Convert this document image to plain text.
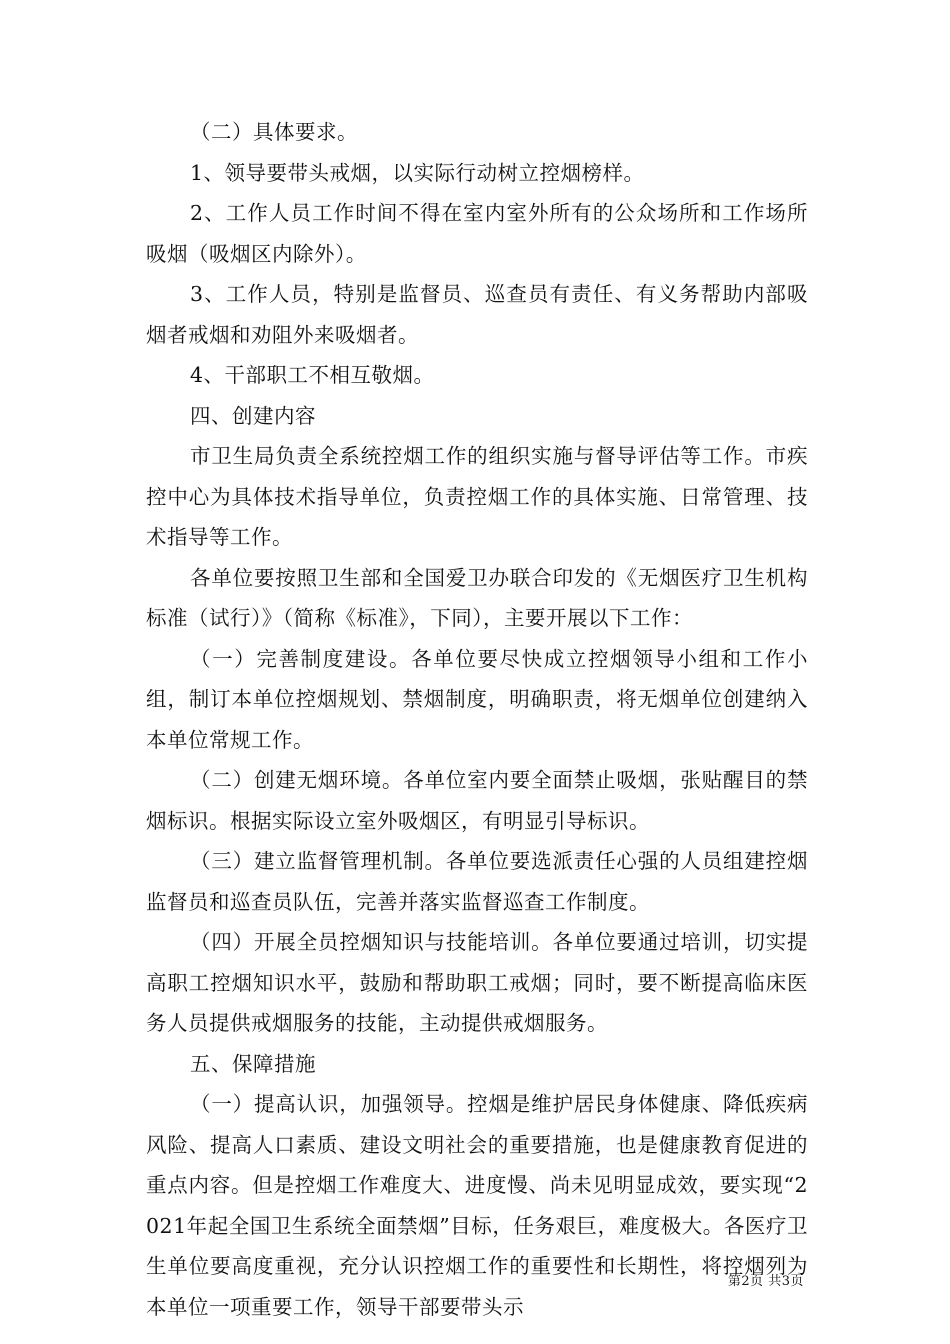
（二）具体要求。

1、领导要带头戒烟，以实际行动树立控烟榜样。

2、工作人员工作时间不得在室内室外所有的公众场所和工作场所吸烟（吸烟区内除外）。

3、工作人员，特别是监督员、巡查员有责任、有义务帮助内部吸烟者戒烟和劝阻外来吸烟者。

4、干部职工不相互敬烟。

四、创建内容

市卫生局负责全系统控烟工作的组织实施与督导评估等工作。市疾控中心为具体技术指导单位，负责控烟工作的具体实施、日常管理、技术指导等工作。

各单位要按照卫生部和全国爱卫办联合印发的《无烟医疗卫生机构标准（试行）》（简称《标准》，下同），主要开展以下工作：

（一）完善制度建设。各单位要尽快成立控烟领导小组和工作小组，制订本单位控烟规划、禁烟制度，明确职责，将无烟单位创建纳入本单位常规工作。

（二）创建无烟环境。各单位室内要全面禁止吸烟，张贴醒目的禁烟标识。根据实际设立室外吸烟区，有明显引导标识。

（三）建立监督管理机制。各单位要选派责任心强的人员组建控烟监督员和巡查员队伍，完善并落实监督巡查工作制度。

（四）开展全员控烟知识与技能培训。各单位要通过培训，切实提高职工控烟知识水平，鼓励和帮助职工戒烟；同时，要不断提高临床医务人员提供戒烟服务的技能，主动提供戒烟服务。

五、保障措施

（一）提高认识，加强领导。控烟是维护居民身体健康、降低疾病风险、提高人口素质、建设文明社会的重要措施，也是健康教育促进的重点内容。但是控烟工作难度大、进度慢、尚未见明显成效，要实现“2021年起全国卫生系统全面禁烟”目标，任务艰巨，难度极大。各医疗卫生单位要高度重视，充分认识控烟工作的重要性和长期性，将控烟列为本单位一项重要工作，领导干部要带头示

第2页 共3页
